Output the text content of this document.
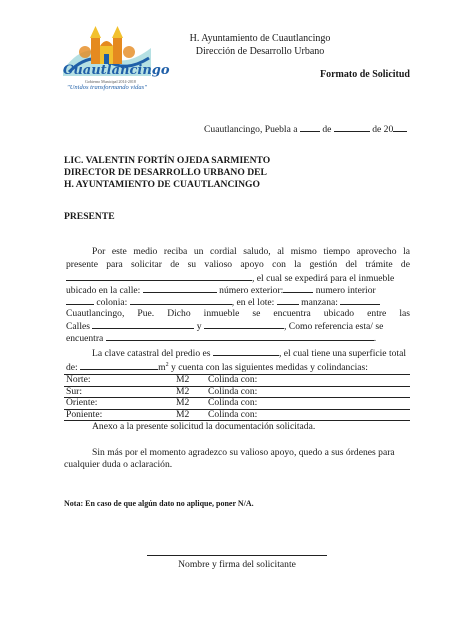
Cuautlancingo
Gobierno Municipal 2014-2018
"Unidos transformando vidas"
H. Ayuntamiento de Cuautlancingo
Dirección de Desarrollo Urbano
Formato de Solicitud
Cuautlancingo, Puebla a	de	de 20
LIC. VALENTIN FORTÍN OJEDA SARMIENTO
DIRECTOR DE DESARROLLO URBANO DEL
H. AYUNTAMIENTO DE CUAUTLANCINGO
PRESENTE
Por este medio reciba un cordial saludo, al mismo tiempo aprovecho la
presente para solicitar de su valioso apoyo con la gestión del trámite de
, el cual se expedirá para el inmueble
ubicado en la calle:	número exterior:	numero interior
colonia:	, en el lote:	manzana:
Cuautlancingo, Pue. Dicho inmueble se encuentra ubicado entre las
Calles	y	, Como referencia esta/ se
encuentra	.
La clave catastral del predio es	, el cual tiene una superficie total
de:	$m^2$ y cuenta con las siguientes medidas y colindancias:
Norte:	M2	Colinda con:
Sur:	M2	Colinda con:
Oriente:	M2	Colinda con:
Poniente:	M2	Colinda con:
Anexo a la presente solicitud la documentación solicitada.
Sin más por el momento agradezco su valioso apoyo, quedo a sus órdenes para
cualquier duda o aclaración.
Nota: En caso de que algún dato no aplique, poner N/A.
Nombre y firma del solicitante
